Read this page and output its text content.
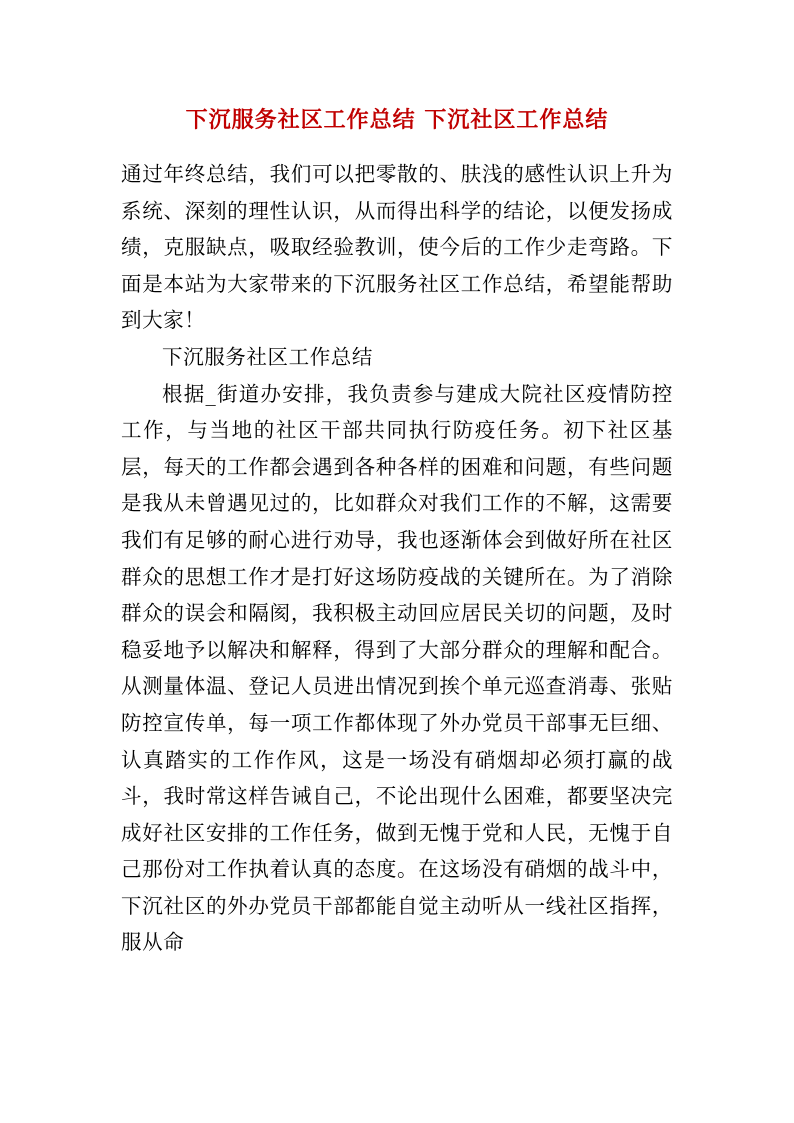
下沉服务社区工作总结 下沉社区工作总结

通过年终总结，我们可以把零散的、肤浅的感性认识上升为系统、深刻的理性认识，从而得出科学的结论，以便发扬成绩，克服缺点，吸取经验教训，使今后的工作少走弯路。下面是本站为大家带来的下沉服务社区工作总结，希望能帮助到大家！

下沉服务社区工作总结

根据_街道办安排，我负责参与建成大院社区疫情防控工作，与当地的社区干部共同执行防疫任务。初下社区基层，每天的工作都会遇到各种各样的困难和问题，有些问题是我从未曾遇见过的，比如群众对我们工作的不解，这需要我们有足够的耐心进行劝导，我也逐渐体会到做好所在社区群众的思想工作才是打好这场防疫战的关键所在。为了消除群众的误会和隔阂，我积极主动回应居民关切的问题，及时稳妥地予以解决和解释，得到了大部分群众的理解和配合。从测量体温、登记人员进出情况到挨个单元巡查消毒、张贴防控宣传单，每一项工作都体现了外办党员干部事无巨细、认真踏实的工作作风，这是一场没有硝烟却必须打赢的战斗，我时常这样告诫自己，不论出现什么困难，都要坚决完成好社区安排的工作任务，做到无愧于党和人民，无愧于自己那份对工作执着认真的态度。在这场没有硝烟的战斗中，下沉社区的外办党员干部都能自觉主动听从一线社区指挥，服从命
